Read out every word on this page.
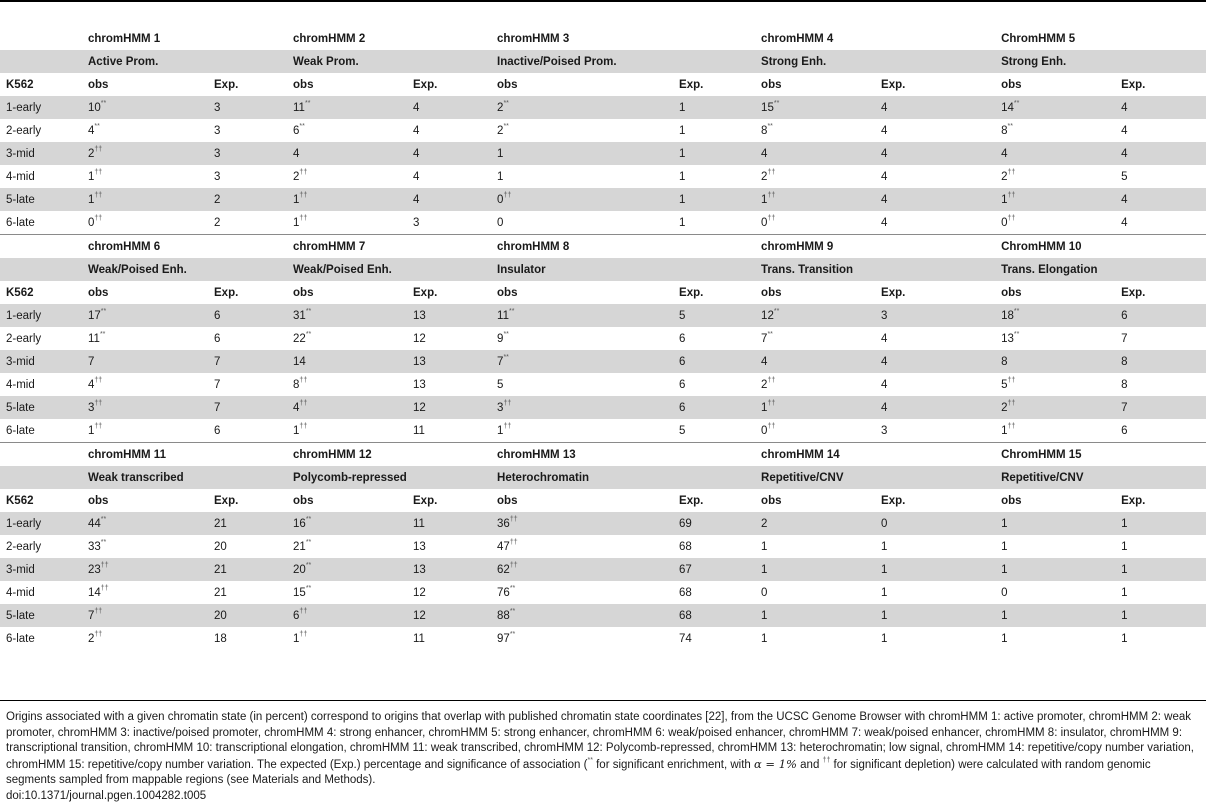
	chromHMM 1		chromHMM 2		chromHMM 3		chromHMM 4		ChromHMM 5	
	Active Prom.		Weak Prom.		Inactive/Poised Prom.		Strong Enh.		Strong Enh.	
K562	obs	Exp.	obs	Exp.	obs	Exp.	obs	Exp.	obs	Exp.
1-early	10**	3	11**	4	2**	1	15**	4	14**	4
2-early	4**	3	6**	4	2**	1	8**	4	8**	4
3-mid	2††	3	4	4	1	1	4	4	4	4
4-mid	1††	3	2††	4	1	1	2††	4	2††	5
5-late	1††	2	1††	4	0††	1	1††	4	1††	4
6-late	0††	2	1††	3	0	1	0††	4	0††	4
	chromHMM 6		chromHMM 7		chromHMM 8		chromHMM 9		ChromHMM 10	
	Weak/Poised Enh.		Weak/Poised Enh.		Insulator		Trans. Transition		Trans. Elongation	
K562	obs	Exp.	obs	Exp.	obs	Exp.	obs	Exp.	obs	Exp.
1-early	17**	6	31**	13	11**	5	12**	3	18**	6
2-early	11**	6	22**	12	9**	6	7**	4	13**	7
3-mid	7	7	14	13	7**	6	4	4	8	8
4-mid	4††	7	8††	13	5	6	2††	4	5††	8
5-late	3††	7	4††	12	3††	6	1††	4	2††	7
6-late	1††	6	1††	11	1††	5	0††	3	1††	6
	chromHMM 11		chromHMM 12		chromHMM 13		chromHMM 14		ChromHMM 15	
	Weak transcribed		Polycomb-repressed		Heterochromatin		Repetitive/CNV		Repetitive/CNV	
K562	obs	Exp.	obs	Exp.	obs	Exp.	obs	Exp.	obs	Exp.
1-early	44**	21	16**	11	36††	69	2	0	1	1
2-early	33**	20	21**	13	47††	68	1	1	1	1
3-mid	23††	21	20**	13	62††	67	1	1	1	1
4-mid	14††	21	15**	12	76**	68	0	1	0	1
5-late	7††	20	6††	12	88**	68	1	1	1	1
6-late	2††	18	1††	11	97**	74	1	1	1	1

Origins associated with a given chromatin state (in percent) correspond to origins that overlap with published chromatin state coordinates [22], from the UCSC Genome Browser with chromHMM 1: active promoter, chromHMM 2: weak promoter, chromHMM 3: inactive/poised promoter, chromHMM 4: strong enhancer, chromHMM 5: strong enhancer, chromHMM 6: weak/poised enhancer, chromHMM 7: weak/poised enhancer, chromHMM 8: insulator, chromHMM 9: transcriptional transition, chromHMM 10: transcriptional elongation, chromHMM 11: weak transcribed, chromHMM 12: Polycomb-repressed, chromHMM 13: heterochromatin; low signal, chromHMM 14: repetitive/copy number variation, chromHMM 15: repetitive/copy number variation. The expected (Exp.) percentage and significance of association (** for significant enrichment, with α = 1% and †† for significant depletion) were calculated with random genomic segments sampled from mappable regions (see Materials and Methods).

doi:10.1371/journal.pgen.1004282.t005
